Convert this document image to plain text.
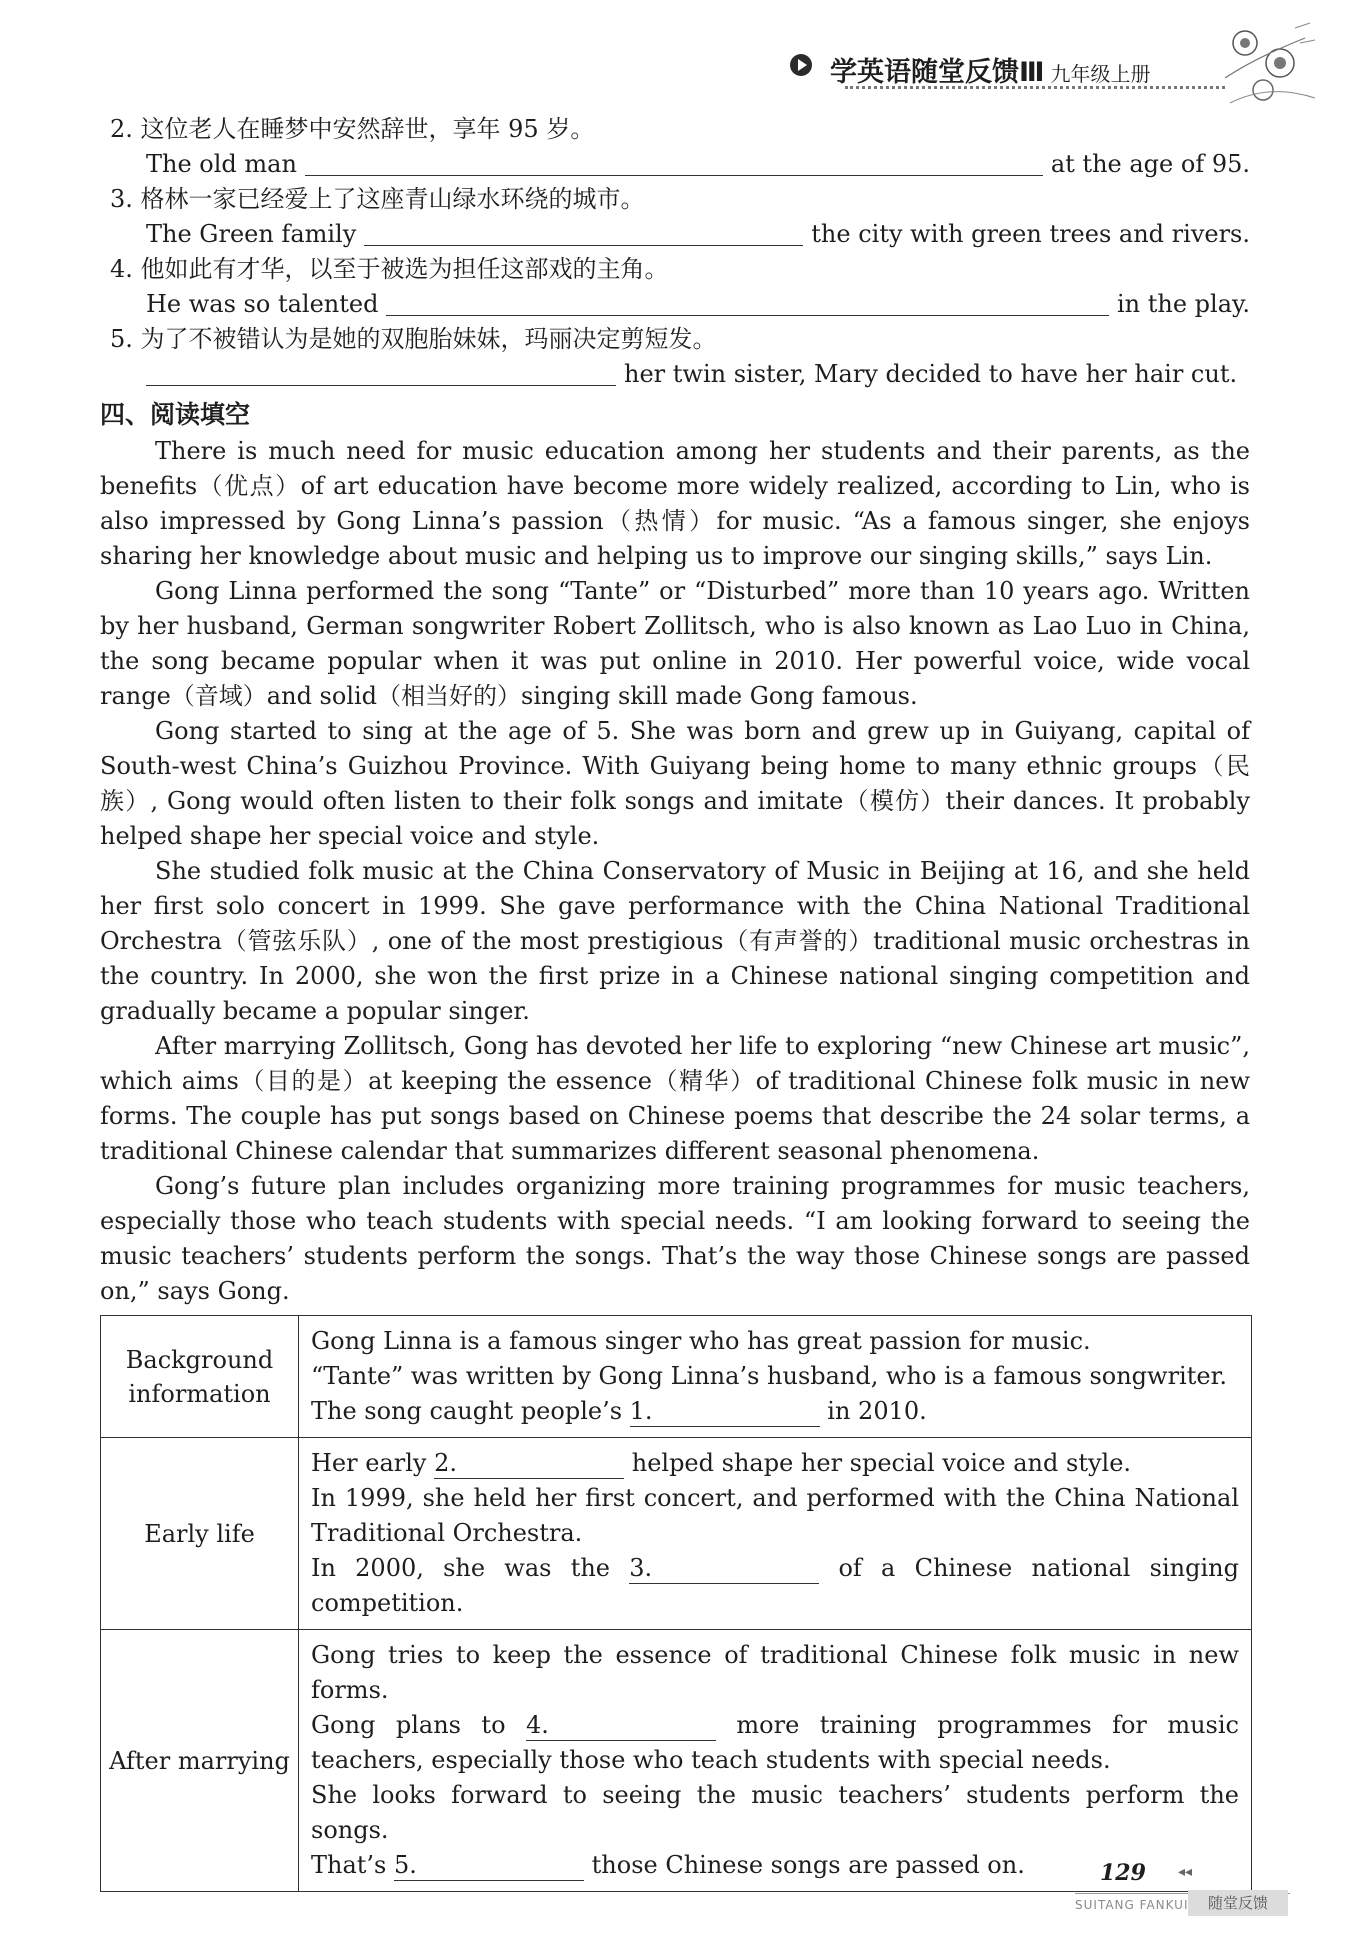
学英语随堂反馈Ⅲ 九年级上册
2. 这位老人在睡梦中安然辞世，享年 95 岁。
The old man	at the age of 95.
3. 格林一家已经爱上了这座青山绿水环绕的城市。
The Green family	the city with green trees and rivers.
4. 他如此有才华，以至于被选为担任这部戏的主角。
He was so talented	in the play.
5. 为了不被错认为是她的双胞胎妹妹，玛丽决定剪短发。
her twin sister, Mary decided to have her hair cut.
四、阅读填空

There is much need for music education among her students and their parents, as the benefits（优点）of art education have become more widely realized, according to Lin, who is also impressed by Gong Linna’s passion（热情）for music. “As a famous singer, she enjoys sharing her knowledge about music and helping us to improve our singing skills,” says Lin.

Gong Linna performed the song “Tante” or “Disturbed” more than 10 years ago. Written by her husband, German songwriter Robert Zollitsch, who is also known as Lao Luo in China, the song became popular when it was put online in 2010. Her powerful voice, wide vocal range（音域）and solid（相当好的）singing skill made Gong famous.

Gong started to sing at the age of 5. She was born and grew up in Guiyang, capital of South-west China’s Guizhou Province. With Guiyang being home to many ethnic groups（民族）, Gong would often listen to their folk songs and imitate（模仿）their dances. It probably helped shape her special voice and style.

She studied folk music at the China Conservatory of Music in Beijing at 16, and she held her first solo concert in 1999. She gave performance with the China National Traditional Orchestra（管弦乐队）, one of the most prestigious（有声誉的）traditional music orchestras in the country. In 2000, she won the first prize in a Chinese national singing competition and gradually became a popular singer.

After marrying Zollitsch, Gong has devoted her life to exploring “new Chinese art music”, which aims（目的是）at keeping the essence（精华）of traditional Chinese folk music in new forms. The couple has put songs based on Chinese poems that describe the 24 solar terms, a traditional Chinese calendar that summarizes different seasonal phenomena.

Gong’s future plan includes organizing more training programmes for music teachers, especially those who teach students with special needs. “I am looking forward to seeing the music teachers’ students perform the songs. That’s the way those Chinese songs are passed on,” says Gong.

Background information	Gong Linna is a famous singer who has great passion for music.
“Tante” was written by Gong Linna’s husband, who is a famous songwriter.
The song caught people’s 1. in 2010.

Early life	Her early 2. helped shape her special voice and style.
In 1999, she held her first concert, and performed with the China National Traditional Orchestra.
In 2000, she was the 3. of a Chinese national singing competition.

After marrying	Gong tries to keep the essence of traditional Chinese folk music in new forms.
Gong plans to 4. more training programmes for music teachers, especially those who teach students with special needs.
She looks forward to seeing the music teachers’ students perform the songs.
That’s 5. those Chinese songs are passed on.	129 ◂◂
SUITANG FANKUI	随堂反馈
